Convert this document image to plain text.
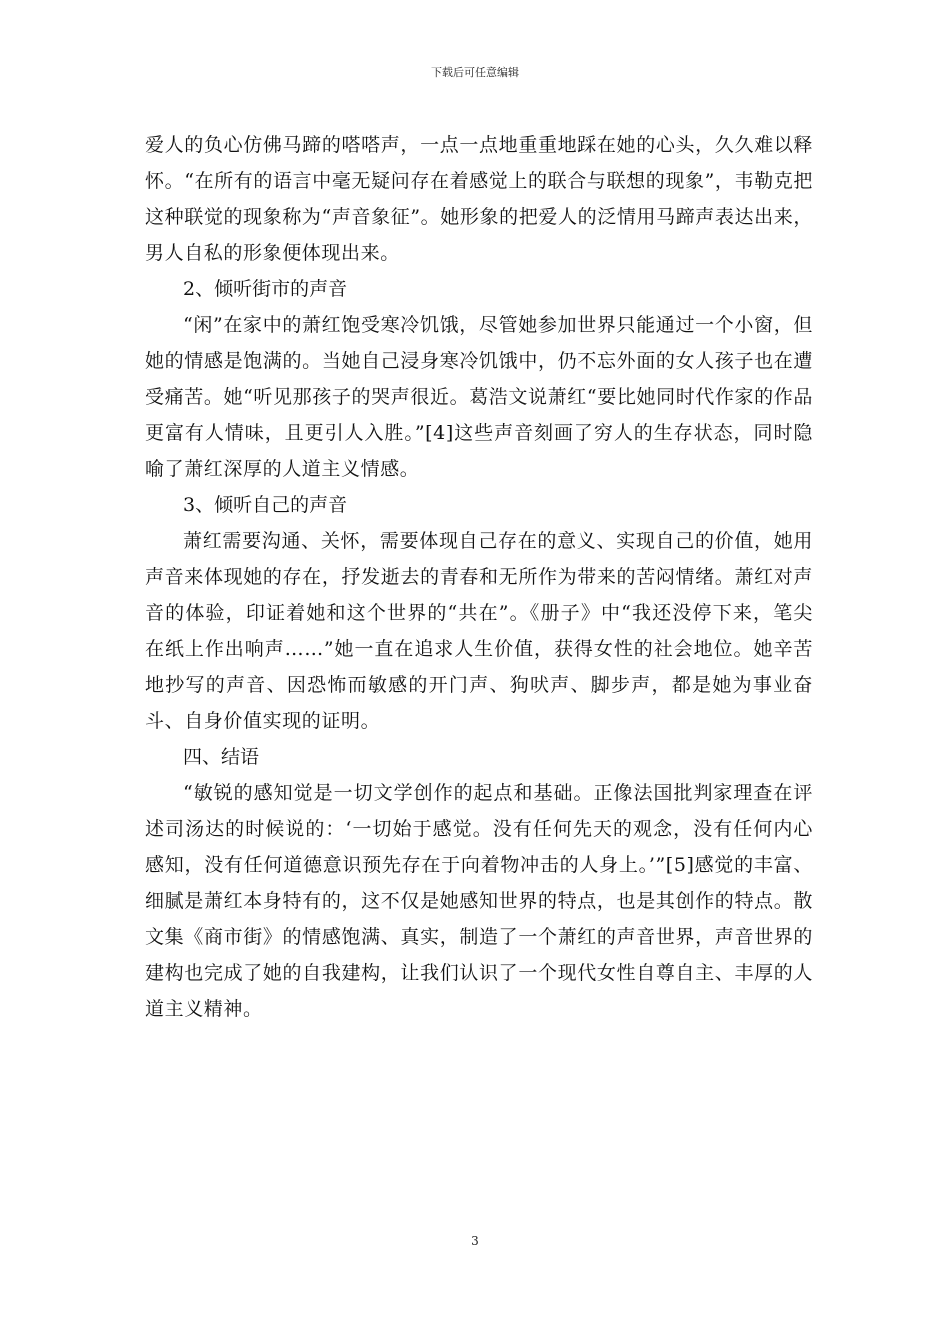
下载后可任意编辑

爱人的负心仿佛马蹄的嗒嗒声，一点一点地重重地踩在她的心头，久久难以释怀。“在所有的语言中毫无疑问存在着感觉上的联合与联想的现象”，韦勒克把这种联觉的现象称为“声音象征”。她形象的把爱人的泛情用马蹄声表达出来，男人自私的形象便体现出来。

2、倾听街市的声音

“闲”在家中的萧红饱受寒冷饥饿，尽管她参加世界只能通过一个小窗，但她的情感是饱满的。当她自己浸身寒冷饥饿中，仍不忘外面的女人孩子也在遭受痛苦。她“听见那孩子的哭声很近。葛浩文说萧红“要比她同时代作家的作品更富有人情味，且更引人入胜。”[4]这些声音刻画了穷人的生存状态，同时隐喻了萧红深厚的人道主义情感。

3、倾听自己的声音

萧红需要沟通、关怀，需要体现自己存在的意义、实现自己的价值，她用声音来体现她的存在，抒发逝去的青春和无所作为带来的苦闷情绪。萧红对声音的体验，印证着她和这个世界的“共在”。《册子》中“我还没停下来，笔尖在纸上作出响声……”她一直在追求人生价值，获得女性的社会地位。她辛苦地抄写的声音、因恐怖而敏感的开门声、狗吠声、脚步声，都是她为事业奋斗、自身价值实现的证明。

四、结语

“敏锐的感知觉是一切文学创作的起点和基础。正像法国批判家理查在评述司汤达的时候说的：‘一切始于感觉。没有任何先天的观念，没有任何内心感知，没有任何道德意识预先存在于向着物冲击的人身上。’”[5]感觉的丰富、细腻是萧红本身特有的，这不仅是她感知世界的特点，也是其创作的特点。散文集《商市街》的情感饱满、真实，制造了一个萧红的声音世界，声音世界的建构也完成了她的自我建构，让我们认识了一个现代女性自尊自主、丰厚的人道主义精神。

3
